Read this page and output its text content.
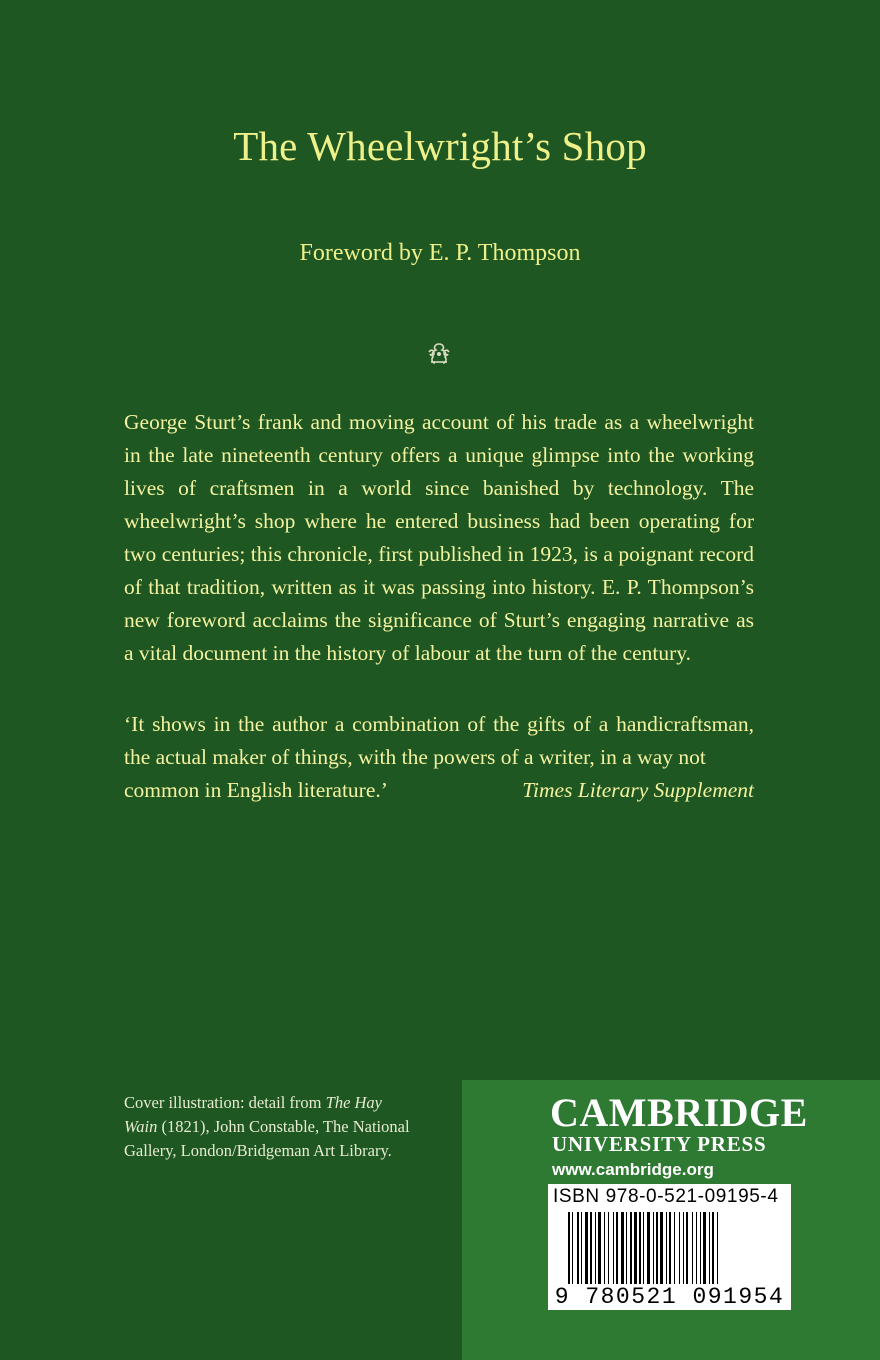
The Wheelwright’s Shop
Foreword by E. P. Thompson

George Sturt’s frank and moving account of his trade as a wheelwright in the late nineteenth century offers a unique glimpse into the working lives of craftsmen in a world since banished by technology. The wheelwright’s shop where he entered business had been operating for two centuries; this chronicle, first published in 1923, is a poignant record of that tradition, written as it was passing into history. E. P. Thompson’s new foreword acclaims the significance of Sturt’s engaging narrative as a vital document in the history of labour at the turn of the century.

‘It shows in the author a combination of the gifts of a handicraftsman, the actual maker of things, with the powers of a writer, in a way not
common in English literature.’	Times Literary Supplement
Cover illustration: detail from The Hay Wain (1821), John Constable, The National Gallery, London/Bridgeman Art Library.
CAMBRIDGE
UNIVERSITY PRESS
www.cambridge.org
ISBN 978-0-521-09195-4
9 780521 091954
